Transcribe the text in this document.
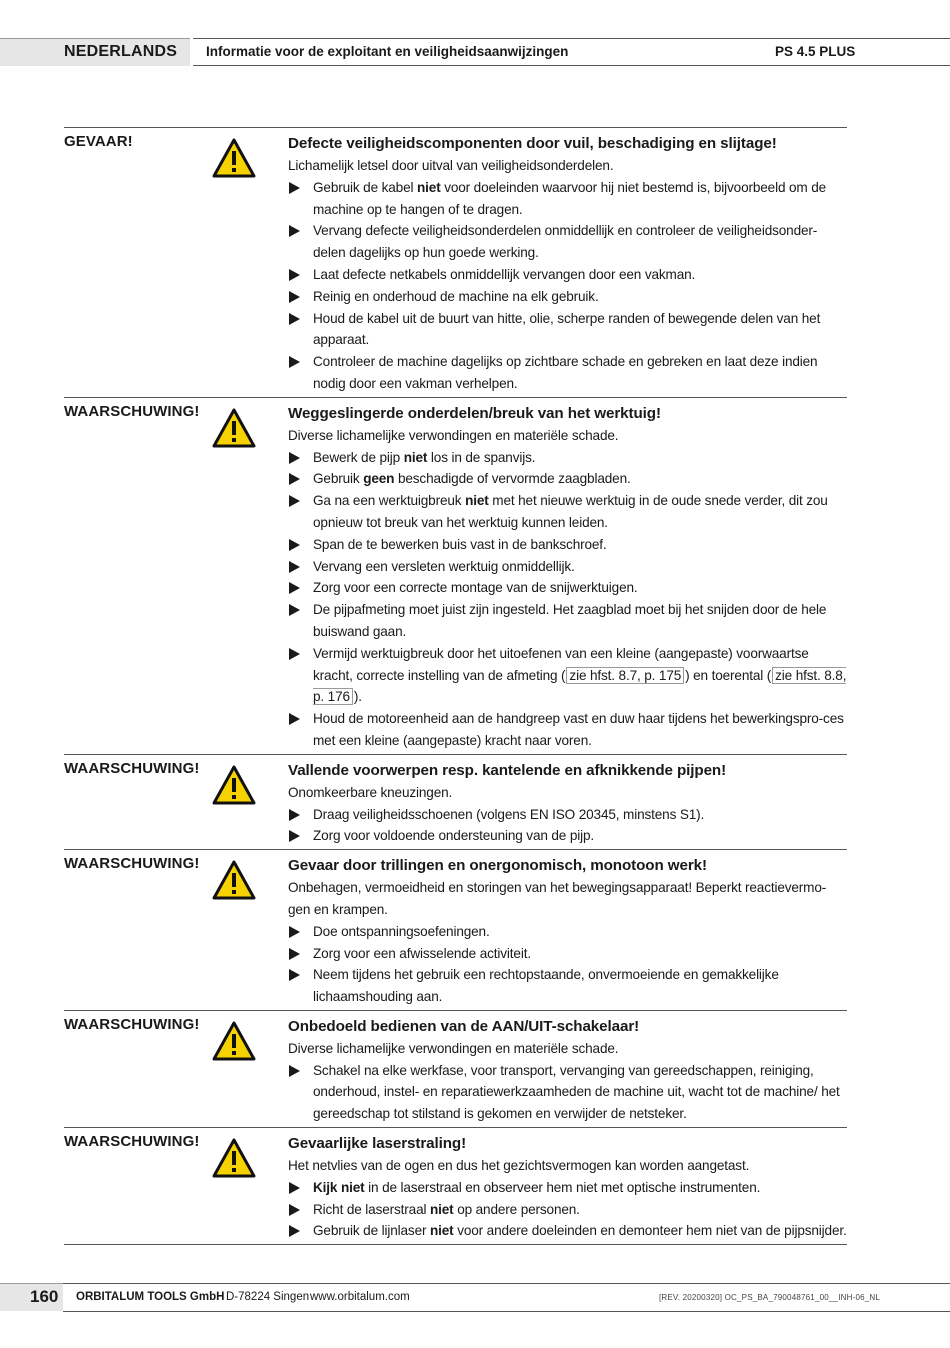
NEDERLANDS Informatie voor de exploitant en veiligheidsaanwijzingen	PS 4.5 PLUS
GEVAAR!	Defecte veiligheidscomponenten door vuil, beschadiging en slijtage!
Lichamelijk letsel door uitval van veiligheidsonderdelen.
Gebruik de kabel niet voor doeleinden waarvoor hij niet bestemd is, bijvoorbeeld om de machine op te hangen of te dragen.
Vervang defecte veiligheidsonderdelen onmiddellijk en controleer de veiligheidsonder-delen dagelijks op hun goede werking.
Laat defecte netkabels onmiddellijk vervangen door een vakman.
Reinig en onderhoud de machine na elk gebruik.
Houd de kabel uit de buurt van hitte, olie, scherpe randen of bewegende delen van het apparaat.
Controleer de machine dagelijks op zichtbare schade en gebreken en laat deze indien nodig door een vakman verhelpen.
WAARSCHUWING!	Weggeslingerde onderdelen/breuk van het werktuig!
Diverse lichamelijke verwondingen en materiële schade.
Bewerk de pijp niet los in de spanvijs.
Gebruik geen beschadigde of vervormde zaagbladen.
Ga na een werktuigbreuk niet met het nieuwe werktuig in de oude snede verder, dit zou opnieuw tot breuk van het werktuig kunnen leiden.
Span de te bewerken buis vast in de bankschroef.
Vervang een versleten werktuig onmiddellijk.
Zorg voor een correcte montage van de snijwerktuigen.
De pijpafmeting moet juist zijn ingesteld. Het zaagblad moet bij het snijden door de hele buiswand gaan.
Vermijd werktuigbreuk door het uitoefenen van een kleine (aangepaste) voorwaartse kracht, correcte instelling van de afmeting ( zie hfst. 8.7, p. 175 ) en toerental ( zie hfst. 8.8, p. 176 ).
Houd de motoreenheid aan de handgreep vast en duw haar tijdens het bewerkingspro-ces met een kleine (aangepaste) kracht naar voren.
WAARSCHUWING!	Vallende voorwerpen resp. kantelende en afknikkende pijpen!
Onomkeerbare kneuzingen.
Draag veiligheidsschoenen (volgens EN ISO 20345, minstens S1).
Zorg voor voldoende ondersteuning van de pijp.
WAARSCHUWING!	Gevaar door trillingen en onergonomisch, monotoon werk!
Onbehagen, vermoeidheid en storingen van het bewegingsapparaat! Beperkt reactievermo-gen en krampen.
Doe ontspanningsoefeningen.
Zorg voor een afwisselende activiteit.
Neem tijdens het gebruik een rechtopstaande, onvermoeiende en gemakkelijke lichaamshouding aan.
WAARSCHUWING!	Onbedoeld bedienen van de AAN/UIT-schakelaar!
Diverse lichamelijke verwondingen en materiële schade.
Schakel na elke werkfase, voor transport, vervanging van gereedschappen, reiniging, onderhoud, instel- en reparatiewerkzaamheden de machine uit, wacht tot de machine/ het gereedschap tot stilstand is gekomen en verwijder de netsteker.
WAARSCHUWING!	Gevaarlijke laserstraling!
Het netvlies van de ogen en dus het gezichtsvermogen kan worden aangetast.
Kijk niet in de laserstraal en observeer hem niet met optische instrumenten.
Richt de laserstraal niet op andere personen.
Gebruik de lijnlaser niet voor andere doeleinden en demonteer hem niet van de pijpsnijder.
160 ORBITALUM TOOLS GmbH D-78224 Singen www.orbitalum.com	[REV. 20200320] OC_PS_BA_790048761_00__INH-06_NL
